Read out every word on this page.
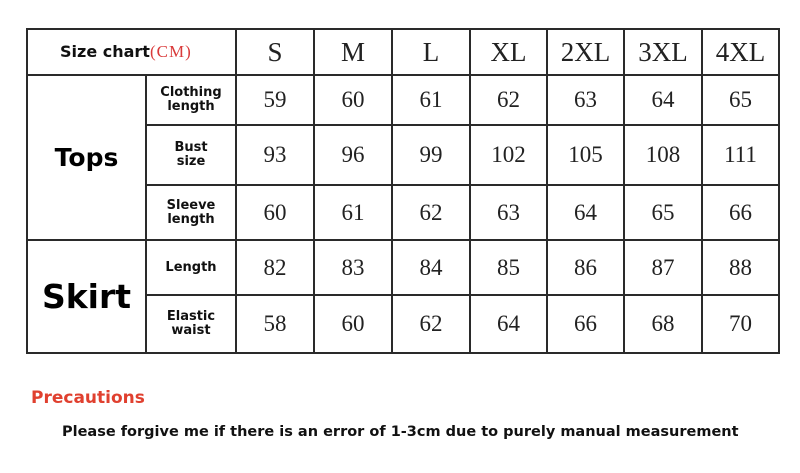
Size chart(CM)		S	M	L	XL	2XL	3XL	4XL
Tops	Clothing
length	59	60	61	62	63	64	65

	Bust
size	93	96	99	102	105	108	111

	Sleeve
length	60	61	62	63	64	65	66
Skirt	Length	82	83	84	85	86	87	88

	Elastic
waist	58	60	62	64	66	68	70
Precautions
Please forgive me if there is an error of 1-3cm due to purely manual measurement
